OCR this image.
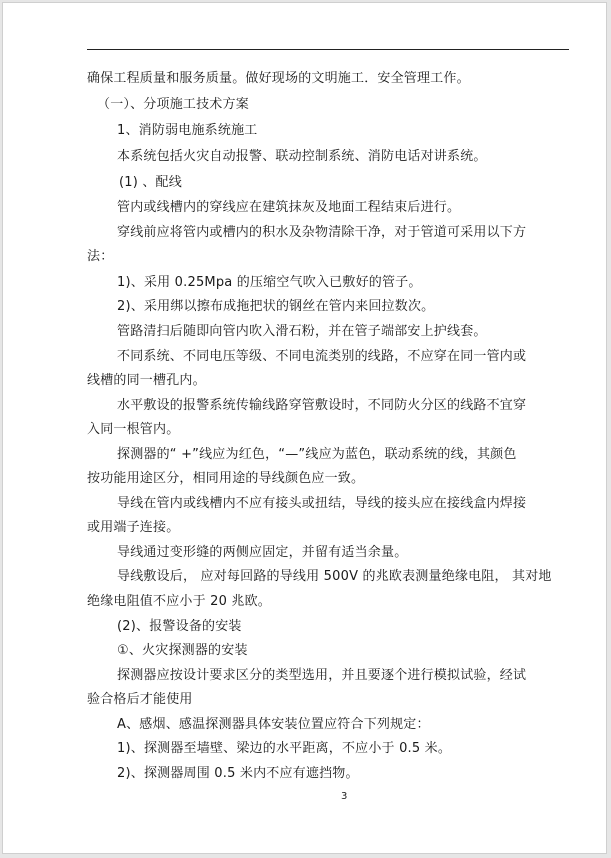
确保工程质量和服务质量。做好现场的文明施工．安全管理工作。
（一）、分项施工技术方案
1、消防弱电施系统施工
本系统包括火灾自动报警、联动控制系统、消防电话对讲系统。
(1) 、配线
管内或线槽内的穿线应在建筑抹灰及地面工程结束后进行。
穿线前应将管内或槽内的积水及杂物清除干净，对于管道可采用以下方
法：
1)、采用 0.25Mpa 的压缩空气吹入已敷好的管子。
2)、采用绑以擦布成拖把状的钢丝在管内来回拉数次。
管路清扫后随即向管内吹入滑石粉，并在管子端部安上护线套。
不同系统、不同电压等级、不同电流类别的线路，不应穿在同一管内或
线槽的同一槽孔内。
水平敷设的报警系统传输线路穿管敷设时，不同防火分区的线路不宜穿
入同一根管内。
探测器的“ +”线应为红色，“—”线应为蓝色，联动系统的线，其颜色
按功能用途区分，相同用途的导线颜色应一致。
导线在管内或线槽内不应有接头或扭结，导线的接头应在接线盒内焊接
或用端子连接。
导线通过变形缝的两侧应固定，并留有适当余量。
导线敷设后， 应对每回路的导线用 500V 的兆欧表测量绝缘电阻， 其对地
绝缘电阻值不应小于 20 兆欧。
(2)、报警设备的安装
①、火灾探测器的安装
探测器应按设计要求区分的类型选用，并且要逐个进行模拟试验，经试
验合格后才能使用
A、感烟、感温探测器具体安装位置应符合下列规定：
1)、探测器至墙壁、梁边的水平距离，不应小于 0.5 米。
2)、探测器周围 0.5 米内不应有遮挡物。
3
